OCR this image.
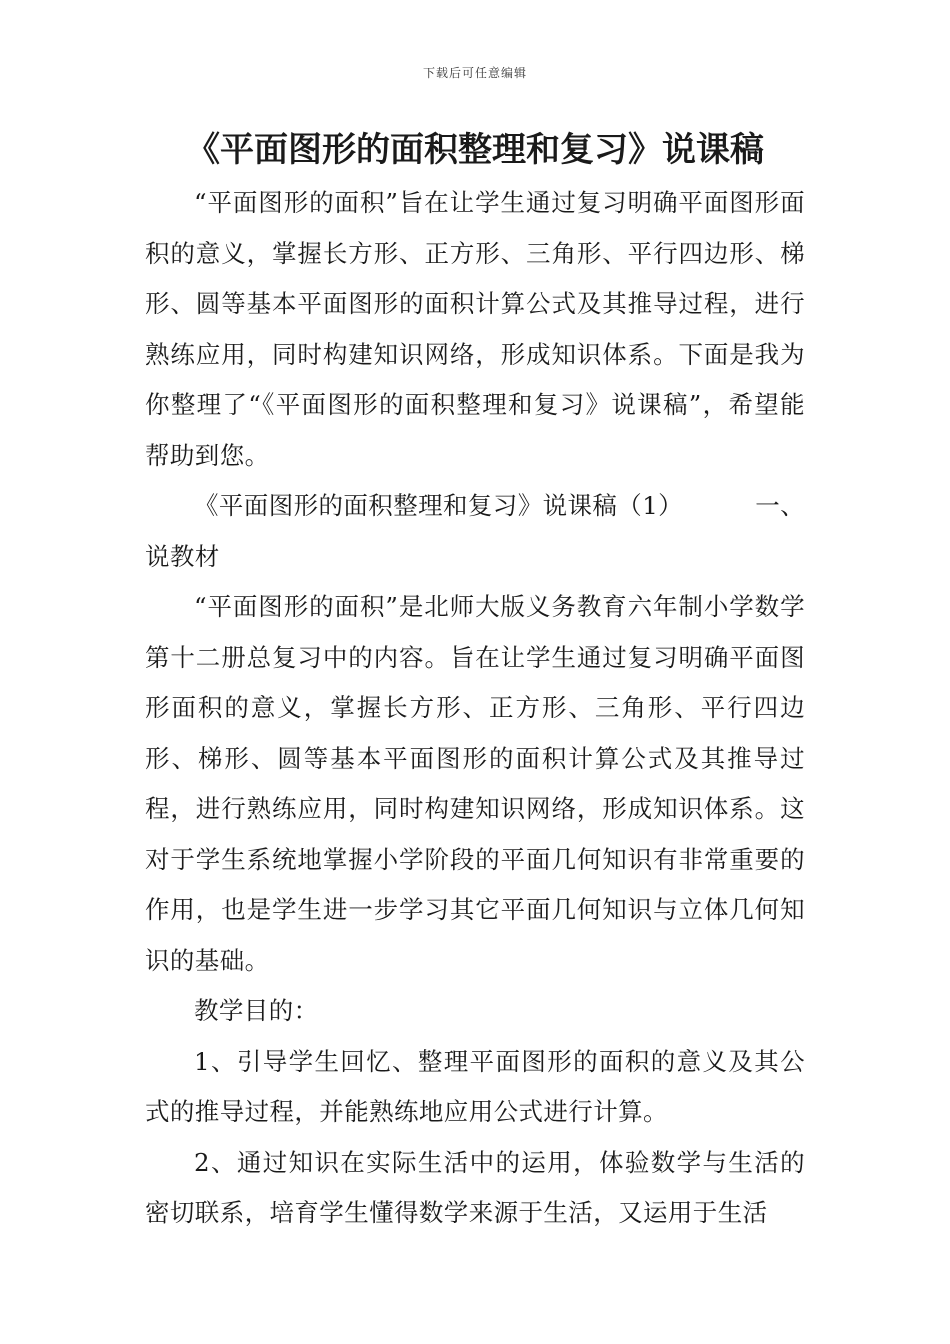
下载后可任意编辑
《平面图形的面积整理和复习》说课稿

“平面图形的面积”旨在让学生通过复习明确平面图形面积的意义，掌握长方形、正方形、三角形、平行四边形、梯形、圆等基本平面图形的面积计算公式及其推导过程，进行熟练应用，同时构建知识网络，形成知识体系。下面是我为你整理了“《平面图形的面积整理和复习》说课稿”，希望能帮助到您。

《平面图形的面积整理和复习》说课稿（1）	一、

说教材

“平面图形的面积”是北师大版义务教育六年制小学数学第十二册总复习中的内容。旨在让学生通过复习明确平面图形面积的意义，掌握长方形、正方形、三角形、平行四边形、梯形、圆等基本平面图形的面积计算公式及其推导过程，进行熟练应用，同时构建知识网络，形成知识体系。这对于学生系统地掌握小学阶段的平面几何知识有非常重要的作用，也是学生进一步学习其它平面几何知识与立体几何知识的基础。

教学目的：

1、引导学生回忆、整理平面图形的面积的意义及其公式的推导过程，并能熟练地应用公式进行计算。

2、通过知识在实际生活中的运用，体验数学与生活的密切联系，培育学生懂得数学来源于生活，又运用于生活
